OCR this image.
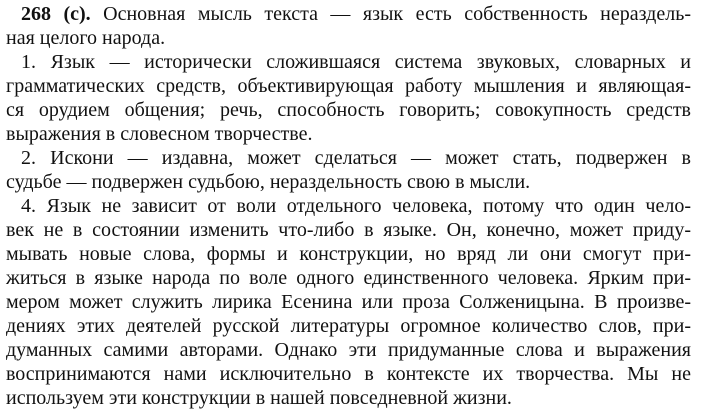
268 (с). Основная мысль текста — язык есть собственность нераздель-
ная целого народа.
1. Язык — исторически сложившаяся система звуковых, словарных и
грамматических средств, объективирующая работу мышления и являющая-
ся орудием общения; речь, способность говорить; совокупность средств
выражения в словесном творчестве.
2. Искони — издавна, может сделаться — может стать, подвержен в
судьбе — подвержен судьбою, нераздельность свою в мысли.
4. Язык не зависит от воли отдельного человека, потому что один чело-
век не в состоянии изменить что-либо в языке. Он, конечно, может приду-
мывать новые слова, формы и конструкции, но вряд ли они смогут при-
житься в языке народа по воле одного единственного человека. Ярким при-
мером может служить лирика Есенина или проза Солженицына. В произве-
дениях этих деятелей русской литературы огромное количество слов, при-
думанных самими авторами. Однако эти придуманные слова и выражения
воспринимаются нами исключительно в контексте их творчества. Мы не
используем эти конструкции в нашей повседневной жизни.
